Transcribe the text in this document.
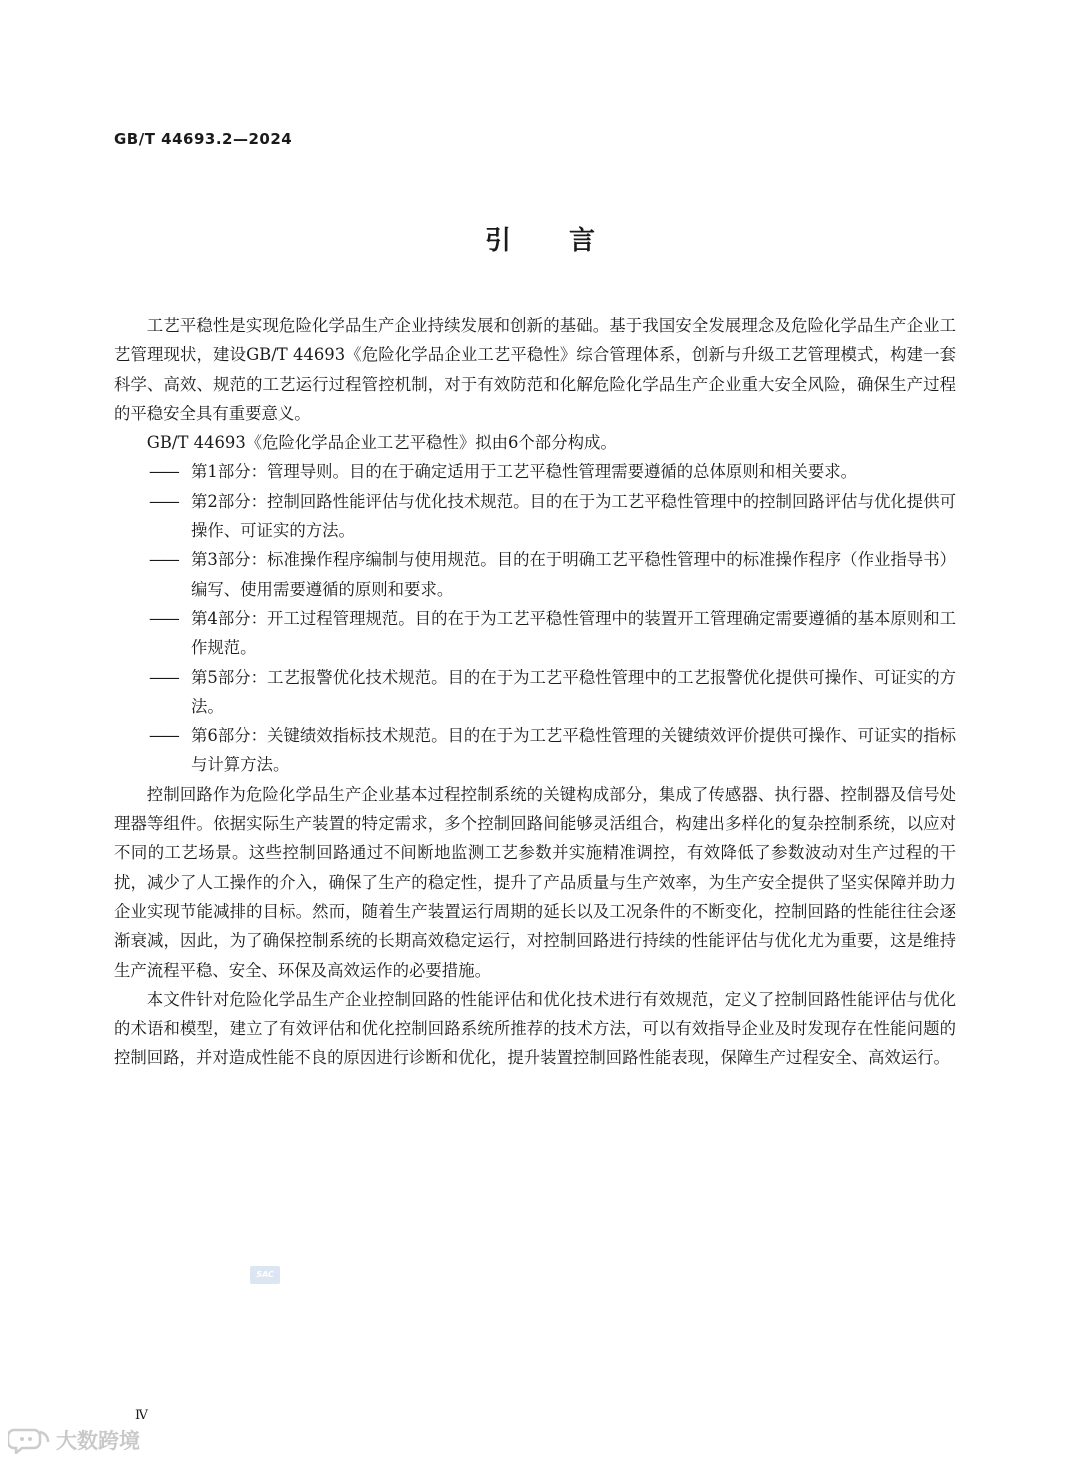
GB/T 44693.2—2024
引言

工艺平稳性是实现危险化学品生产企业持续发展和创新的基础。基于我国安全发展理念及危险化学品生产企业工艺管理现状，建设GB/T 44693《危险化学品企业工艺平稳性》综合管理体系，创新与升级工艺管理模式，构建一套科学、高效、规范的工艺运行过程管控机制，对于有效防范和化解危险化学品生产企业重大安全风险，确保生产过程的平稳安全具有重要意义。

GB/T 44693《危险化学品企业工艺平稳性》拟由6个部分构成。

—— 第1部分：管理导则。目的在于确定适用于工艺平稳性管理需要遵循的总体原则和相关要求。
—— 第2部分：控制回路性能评估与优化技术规范。目的在于为工艺平稳性管理中的控制回路评估与优化提供可操作、可证实的方法。
—— 第3部分：标准操作程序编制与使用规范。目的在于明确工艺平稳性管理中的标准操作程序（作业指导书）编写、使用需要遵循的原则和要求。
—— 第4部分：开工过程管理规范。目的在于为工艺平稳性管理中的装置开工管理确定需要遵循的基本原则和工作规范。
—— 第5部分：工艺报警优化技术规范。目的在于为工艺平稳性管理中的工艺报警优化提供可操作、可证实的方法。
—— 第6部分：关键绩效指标技术规范。目的在于为工艺平稳性管理的关键绩效评价提供可操作、可证实的指标与计算方法。

控制回路作为危险化学品生产企业基本过程控制系统的关键构成部分，集成了传感器、执行器、控制器及信号处理器等组件。依据实际生产装置的特定需求，多个控制回路间能够灵活组合，构建出多样化的复杂控制系统，以应对不同的工艺场景。这些控制回路通过不间断地监测工艺参数并实施精准调控，有效降低了参数波动对生产过程的干扰，减少了人工操作的介入，确保了生产的稳定性，提升了产品质量与生产效率，为生产安全提供了坚实保障并助力企业实现节能减排的目标。然而，随着生产装置运行周期的延长以及工况条件的不断变化，控制回路的性能往往会逐渐衰减，因此，为了确保控制系统的长期高效稳定运行，对控制回路进行持续的性能评估与优化尤为重要，这是维持生产流程平稳、安全、环保及高效运作的必要措施。

本文件针对危险化学品生产企业控制回路的性能评估和优化技术进行有效规范，定义了控制回路性能评估与优化的术语和模型，建立了有效评估和优化控制回路系统所推荐的技术方法，可以有效指导企业及时发现存在性能问题的控制回路，并对造成性能不良的原因进行诊断和优化，提升装置控制回路性能表现，保障生产过程安全、高效运行。

SAC
Ⅳ
大数跨境
